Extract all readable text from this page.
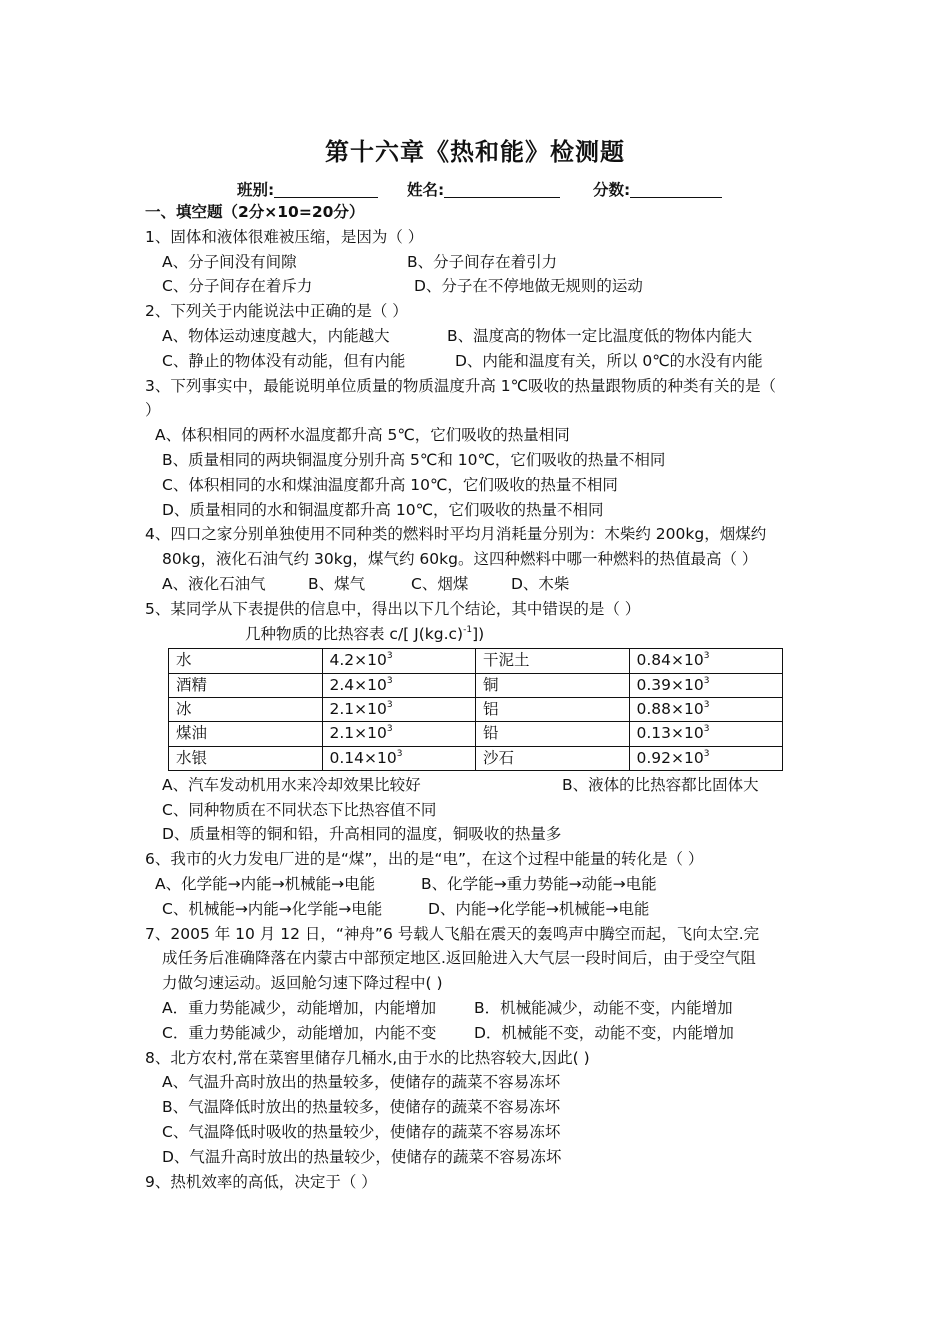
第十六章《热和能》检测题
班别:	姓名:	分数:
一、填空题（2分×10=20分）
1、固体和液体很难被压缩，是因为（ ）
A、分子间没有间隙	B、分子间存在着引力
C、分子间存在着斥力	D、分子在不停地做无规则的运动
2、下列关于内能说法中正确的是（ ）
A、物体运动速度越大，内能越大	B、温度高的物体一定比温度低的物体内能大
C、静止的物体没有动能，但有内能	D、内能和温度有关，所以 0℃的水没有内能
3、下列事实中，最能说明单位质量的物质温度升高 1℃吸收的热量跟物质的种类有关的是（
）
A、体积相同的两杯水温度都升高 5℃，它们吸收的热量相同
B、质量相同的两块铜温度分别升高 5℃和 10℃，它们吸收的热量不相同
C、体积相同的水和煤油温度都升高 10℃，它们吸收的热量不相同
D、质量相同的水和铜温度都升高 10℃，它们吸收的热量不相同
4、四口之家分别单独使用不同种类的燃料时平均月消耗量分别为：木柴约 200kg，烟煤约
80kg，液化石油气约 30kg，煤气约 60kg。这四种燃料中哪一种燃料的热值最高（ ）
A、液化石油气	B、煤气	C、烟煤	D、木柴
5、某同学从下表提供的信息中，得出以下几个结论，其中错误的是（ ）
几种物质的比热容表 c/[ $J(kg.c)^{-1}$])
水	$4.2\times 10^3$	干泥土	$0.84\times 10^3$
酒精	$2.4\times 10^3$	铜	$0.39\times 10^3$
冰	$2.1\times 10^3$	铝	$0.88\times 10^3$
煤油	$2.1\times 10^3$	铅	$0.13\times 10^3$
水银	$0.14\times 10^3$	沙石	$0.92\times 10^3$
A、汽车发动机用水来冷却效果比较好	B、液体的比热容都比固体大
C、同种物质在不同状态下比热容值不同
D、质量相等的铜和铅，升高相同的温度，铜吸收的热量多
6、我市的火力发电厂进的是“煤”，出的是“电”，在这个过程中能量的转化是（ ）
A、化学能→内能→机械能→电能	B、化学能→重力势能→动能→电能
C、机械能→内能→化学能→电能	D、内能→化学能→机械能→电能
7、2005 年 10 月 12 日，“神舟”6 号载人飞船在震天的轰鸣声中腾空而起，飞向太空.完
成任务后准确降落在内蒙古中部预定地区.返回舱进入大气层一段时间后，由于受空气阻
力做匀速运动。返回舱匀速下降过程中( )
A．重力势能减少，动能增加，内能增加 B．机械能减少，动能不变，内能增加
C．重力势能减少，动能增加，内能不变 D．机械能不变，动能不变，内能增加
8、北方农村,常在菜窖里储存几桶水,由于水的比热容较大,因此( )
A、气温升高时放出的热量较多，使储存的蔬菜不容易冻坏
B、气温降低时放出的热量较多，使储存的蔬菜不容易冻坏
C、气温降低时吸收的热量较少，使储存的蔬菜不容易冻坏
D、气温升高时放出的热量较少，使储存的蔬菜不容易冻坏
9、热机效率的高低，决定于（ ）
